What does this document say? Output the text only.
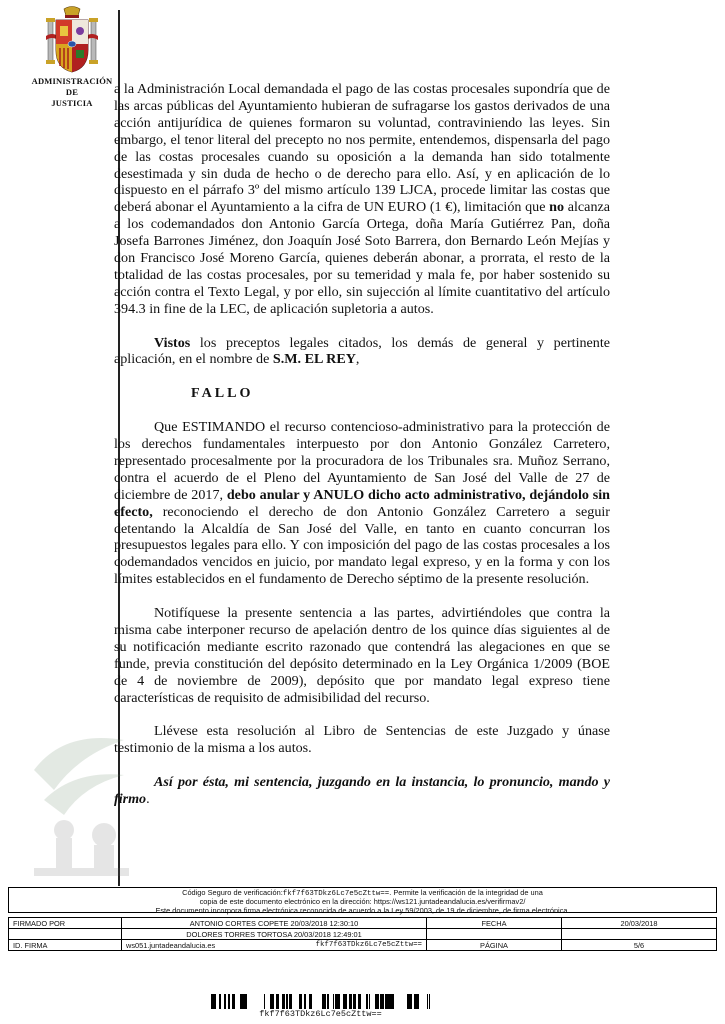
ADMINISTRACIÓN
DE
JUSTICIA

a la Administración Local demandada el pago de las costas procesales supondría que de las arcas públicas del Ayuntamiento hubieran de sufragarse los gastos derivados de una acción antijurídica de quienes formaron su voluntad, contraviniendo las leyes. Sin embargo, el tenor literal del precepto no nos permite, entendemos, dispensarla del pago de las costas procesales cuando su oposición a la demanda han sido totalmente desestimada y sin duda de hecho o de derecho para ello. Así, y en aplicación de lo dispuesto en el párrafo 3º del mismo artículo 139 LJCA, procede limitar las costas que deberá abonar el Ayuntamiento a la cifra de UN EURO (1 €), limitación que no alcanza a los codemandados don Antonio García Ortega, doña María Gutiérrez Pan, doña Josefa Barrones Jiménez, don Joaquín José Soto Barrera, don Bernardo León Mejías y don Francisco José Moreno García, quienes deberán abonar, a prorrata, el resto de la totalidad de las costas procesales, por su temeridad y mala fe, por haber sostenido su acción contra el Texto Legal, y por ello, sin sujección al límite cuantitativo del artículo 394.3 in fine de la LEC, de aplicación supletoria a autos.

Vistos los preceptos legales citados, los demás de general y pertinente aplicación, en el nombre de S.M. EL REY,

FALLO

Que ESTIMANDO el recurso contencioso-administrativo para la protección de los derechos fundamentales interpuesto por don Antonio González Carretero, representado procesalmente por la procuradora de los Tribunales sra. Muñoz Serrano, contra el acuerdo de el Pleno del Ayuntamiento de San José del Valle de 27 de diciembre de 2017, debo anular y ANULO dicho acto administrativo, dejándolo sin efecto, reconociendo el derecho de don Antonio González Carretero a seguir detentando la Alcaldía de San José del Valle, en tanto en cuanto concurran los presupuestos legales para ello. Y con imposición del pago de las costas procesales a los codemandados vencidos en juicio, por mandato legal expreso, y en la forma y con los límites establecidos en el fundamento de Derecho séptimo de la presente resolución.

Notifíquese la presente sentencia a las partes, advirtiéndoles que contra la misma cabe interponer recurso de apelación dentro de los quince días siguientes al de su notificación mediante escrito razonado que contendrá las alegaciones en que se funde, previa constitución del depósito determinado en la Ley Orgánica 1/2009 (BOE de 4 de noviembre de 2009), depósito que por mandato legal expreso tiene características de requisito de admisibilidad del recurso.

Llévese esta resolución al Libro de Sentencias de este Juzgado y únase testimonio de la misma a los autos.

Así por ésta, mi sentencia, juzgando en la instancia, lo pronuncio, mando y firmo.

Código Seguro de verificación:fkf7f63TDkz6Lc7e5cZttw==. Permite la verificación de la integridad de una
copia de este documento electrónico en la dirección: https://ws121.juntadeandalucia.es/verifirmav2/
Este documento incorpora firma electrónica reconocida de acuerdo a la Ley 59/2003, de 19 de diciembre, de firma electrónica.
FIRMADO POR	ANTONIO CORTES COPETE 20/03/2018 12:30:10	FECHA	20/03/2018
	DOLORES TORRES TORTOSA 20/03/2018 12:49:01		
ID. FIRMA	ws051.juntadeandalucia.es fkf7f63TDkz6Lc7e5cZttw==	PÁGINA	5/6
fkf7f63TDkz6Lc7e5cZttw==
